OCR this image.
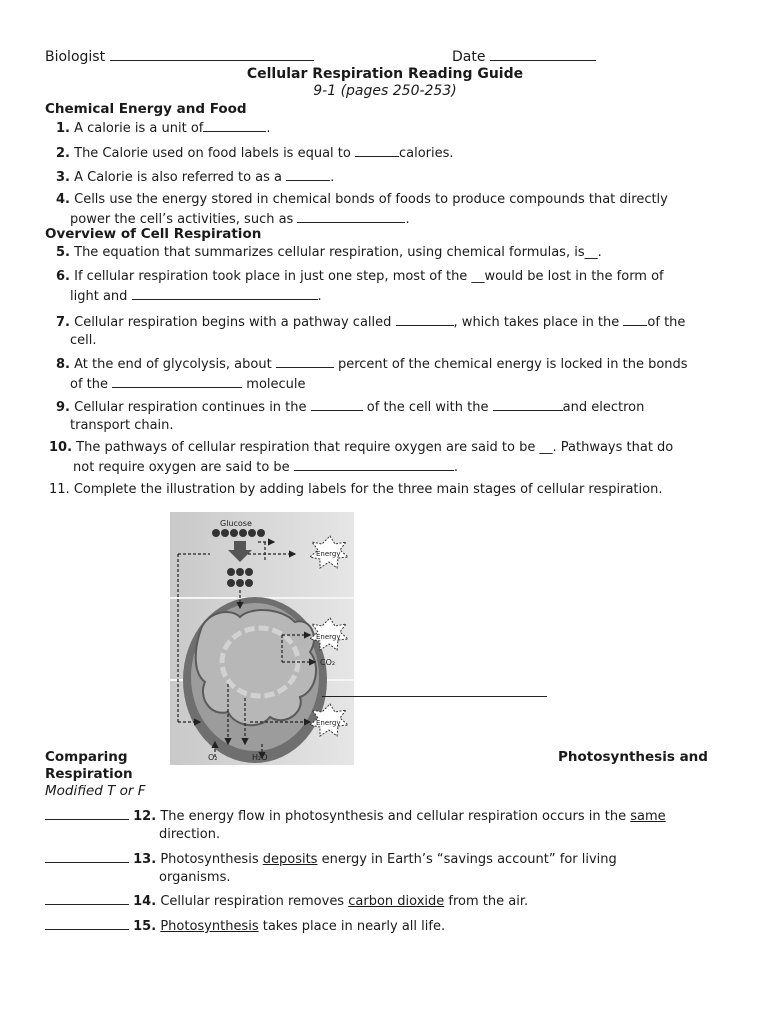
Biologist	Date
Cellular Respiration Reading Guide
9-1 (pages 250-253)
Chemical Energy and Food
1. A calorie is a unit of	.
2. The Calorie used on food labels is equal to	calories.
3. A Calorie is also referred to as a	.
4. Cells use the energy stored in chemical bonds of foods to produce compounds that directly
power the cell’s activities, such as	.
Overview of Cell Respiration
5. The equation that summarizes cellular respiration, using chemical formulas, is__.
6. If cellular respiration took place in just one step, most of the __would be lost in the form of
light and	.
7. Cellular respiration begins with a pathway called	, which takes place in the of the
cell.
8. At the end of glycolysis, about	percent of the chemical energy is locked in the bonds
of the	molecule
9. Cellular respiration continues in the	of the cell with the	and electron
transport chain.
10. The pathways of cellular respiration that require oxygen are said to be __. Pathways that do
not require oxygen are said to be	.
11. Complete the illustration by adding labels for the three main stages of cellular respiration.
Glucose
Energy
Energy
Energy
CO₂
O₂	H₂O
Comparing	Photosynthesis and
Respiration
Modified T or F
12. The energy flow in photosynthesis and cellular respiration occurs in the same
direction.
13. Photosynthesis deposits energy in Earth’s “savings account” for living
organisms.
14. Cellular respiration removes carbon dioxide from the air.
15. Photosynthesis takes place in nearly all life.
